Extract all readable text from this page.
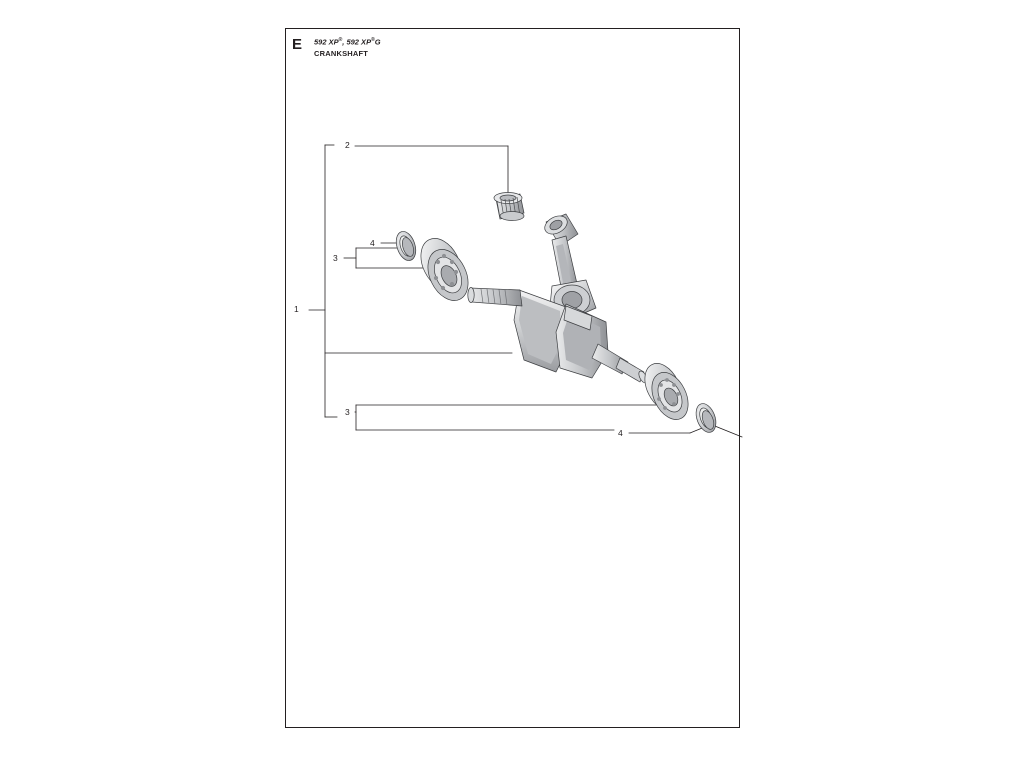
E 592 XP®, 592 XP®G
CRANKSHAFT
1
2
3
4
3
4
